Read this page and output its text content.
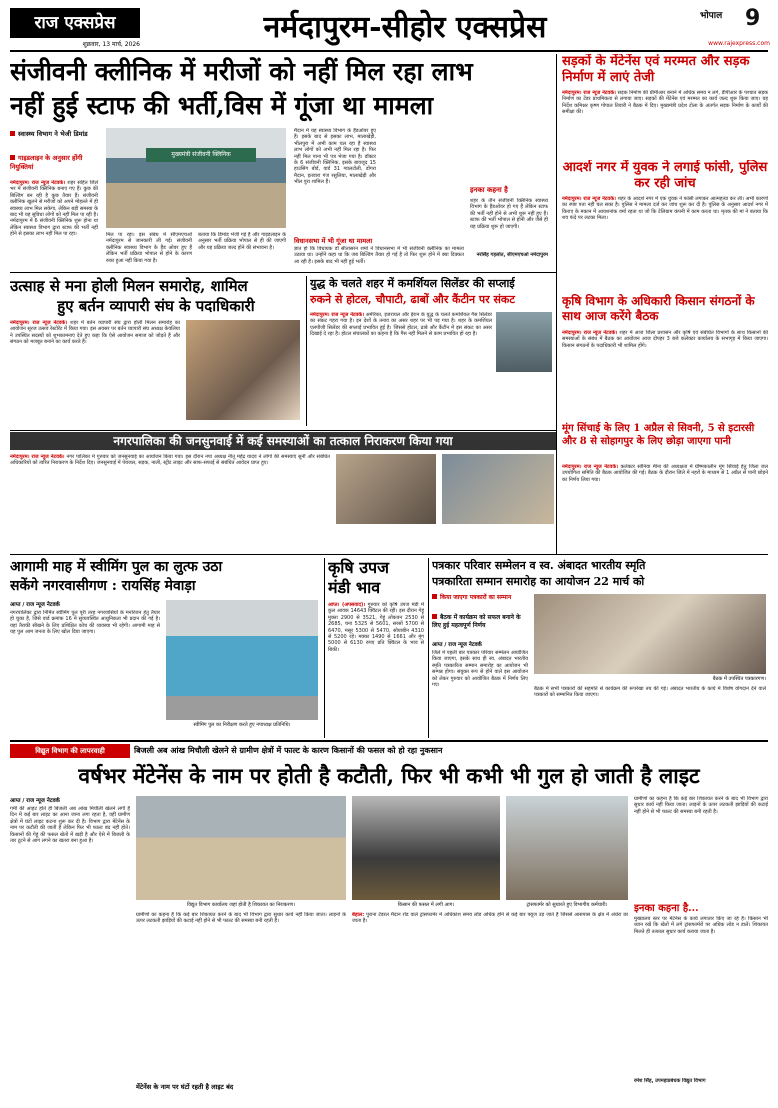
राज एक्सप्रेस
शुक्रवार, 13 मार्च, 2026	नर्मदापुरम-सीहोर एक्सप्रेस	भोपाल	9
www.rajexpress.com
संजीवनी क्लीनिक में मरीजों को नहीं मिल रहा लाभ
नहीं हुई स्टाफ की भर्ती,विस में गूंजा था मामला
स्वास्थ्य विभाग ने भेजी डिमांड
गाइडलाइन के अनुसार होंगी नियुक्तियां
नर्मदापुरम। राज न्यूज नेटवर्क। शहर सहित जिले भर में संजीवनी क्लिनिक बनाए गए हैं। कुछ की बिल्डिंग बन रही है कुछ तैयार हैं। संजीवनी क्लीनिक खुलने से मरीजों को अपने मोहल्ले में ही स्वास्थ्य लाभ मिल सकेगा, लेकिन बड़ी समस्या के बाद भी यह सुविधा लोगों को नहीं मिल पा रही है। नर्मदापुरम में 6 संजीवनी क्लिनिक शुरू होना था लेकिन स्वास्थ्य विभाग द्वारा स्टाफ की भर्ती नहीं होने से इसका लाभ नहीं मिल पा रहा।
मुख्यमंत्री संजीवनी क्लिनिक
मिल पा रहा। इस संबंध में सीएमएचओ नर्मदापुरम से जानकारी ली गई। संजीवनी क्लीनिक स्वास्थ्य विभाग के हैंड ओवर हुए हैं लेकिन भर्ती प्रक्रिया भोपाल से होने के कारण रुका हुआ नहीं किया गया है।
बताया कि डिमांड भेजी गई है और गाइडलाइन के अनुसार भर्ती प्रक्रिया भोपाल से ही की जाएगी और यह प्रक्रिया जल्द होने की संभावना है।
मैदान में यह स्वास्थ्य विभाग के हैंडओवर हुए हैं। इसके बाद से इसका लाभ, मालाखेड़ी, भीलपुरा में अभी काम चल रहा है स्वास्थ्य लाभ लोगों को अभी नहीं मिल रहा है। फिर नहीं मिल पाना भी पत्र भेजा गया है। डॉक्टर के 6 संजीवनी क्लिनिक, इसके बावजूद 15 हाउसिंग बोर्ड, वार्ड 31 ग्वालटोली, डोंगरा मैदान, इतवारा गंज रसुलिया, मालाखेड़ी और भील पुरा शामिल हैं।
विधानसभा में भी गूंजा था मामला
ज्ञात हो कि विधायक डॉ सीतासरन शर्मा ने विधानसभा में भी संजीवनी क्लीनिक का मामला उठाया था। उन्होंने कहा था कि जब बिल्डिंग तैयार हो गई है तो फिर शुरू होने में क्या दिक्कत आ रही है। इसके बाद भी नहीं हुई भर्ती।
इनका कहना है
शहर के तीन संजीवनी क्लिनिक स्वास्थ्य विभाग के हैंडओवर हो गए हैं लेकिन स्टाफ की भर्ती नहीं होने से अभी शुरू नहीं हुए हैं। स्टाफ की भर्ती भोपाल से होनी और जैसे ही यह प्रक्रिया शुरू हो जाएगी।
नरसिंह गहलोत, सीएमएचओ नर्मदापुरम
सड़कों के मेंटेनेंस एवं मरम्मत और सड़क निर्माण में लाएं तेजी
नर्मदापुरम। राज न्यूज नेटवर्क। सड़क निर्माण की प्रीमीआर बनाने में अधिक समय न लगे, डीपीआर के पश्चात सड़क निर्माण का टेंडर प्राथमिकता से लगाया जाए। सड़कों की मेंटेनेंस एवं मरम्मत का कार्य जल्द शुरू किया जाए। यह निर्देश कमिश्नर कृष्ण गोपाल तिवारी ने बैठक में दिए। मुख्यमंत्री प्रदेश टोला के अंतर्गत सड़क निर्माण के कार्यों की समीक्षा की।
आदर्श नगर में युवक ने लगाई फांसी, पुलिस कर रही जांच
नर्मदापुरम। राज न्यूज नेटवर्क। शहर के आदर्श नगर में एक युवक ने फांसी लगाकर आत्महत्या कर ली। अभी कारणों का स्पष्ट पता नहीं चल सका है। पुलिस ने मामला दर्ज कर जांच शुरू कर दी है। पुलिस के अनुसार आदर्श नगर में किराए के मकान में आयशनांक वर्मा रहता था जो कि टेलिग्राम कंपनी में काम करता था। मृतक की मां ने बताया कि शव फंदे पर लटका मिला।
कृषि विभाग के अधिकारी किसान संगठनों के साथ आज करेंगे बैठक
नर्मदापुरम। राज न्यूज नेटवर्क। शहर में आज जिला प्रशासन और कृषि एवं संबंधित विभागों के साथ किसानों की समस्याओं के संबंध में बैठक का आयोजन आज दोपहर 3 बजे कलेक्टर कार्यालय के सभागृह में किया जाएगा। किसान संगठनों के पदाधिकारी भी शामिल होंगे।
मूंग सिंचाई के लिए 1 अप्रैल से सिवनी, 5 से इटारसी और 8 से सोहागपुर के लिए छोड़ा जाएगा पानी
नर्मदापुरम। राज न्यूज नेटवर्क। कलेक्टर सोनिया मीना की अध्यक्षता में ग्रीष्मकालीन मूंग सिंचाई हेतु जिला जल उपयोगिता समिति की बैठक आयोजित की गई। बैठक के दौरान जिले में नहरों के माध्यम से 1 अप्रैल से पानी छोड़ने का निर्णय लिया गया।
उत्साह से मना होली मिलन समारोह, शामिल
हुए बर्तन व्यापारी संघ के पदाधिकारी
नर्मदापुरम। राज न्यूज नेटवर्क। शहर में बर्तन व्यापारी संघ द्वारा होली मिलन समारोह का आयोजन सूरज उत्सव रेस्टोरेंट में किया गया। इस अवसर पर बर्तन व्यापारी संघ अध्यक्ष केवलिया ने उपस्थित सदस्यों को शुभकामनाएं देते हुए कहा कि ऐसे आयोजन समाज को जोड़ते हैं और संगठन को मजबूत बनाने का कार्य करते हैं।
युद्ध के चलते शहर में कमर्शियल सिलेंडर की सप्लाई
रुकने से होटल, चौपाटी, ढाबों और कैंटीन पर संकट
नर्मदापुरम। राज न्यूज नेटवर्क। अमेरिका, इजरायल और ईरान के युद्ध के चलते कमर्शियल गैस सिलेंडर का संकट गहरा गया है। इन देशों के तनाव का असर शहर पर भी पड़ गया है। शहर के कमर्शियल एलपीजी सिलेंडर की सप्लाई प्रभावित हुई है। जिससे होटल, ढाबे और कैंटीन में इस संकट का असर दिखाई दे रहा है। होटल संचालकों का कहना है कि गैस नहीं मिलने से काम प्रभावित हो रहा है।
नगरपालिका की जनसुनवाई में कई समस्याओं का तत्काल निराकरण किया गया
नर्मदापुरम। राज न्यूज नेटवर्क। नगर पालिका में गुरुवार को जनसुनवाई का आयोजन किया गया। इस दौरान नपा अध्यक्ष नीतू महेंद्र यादव ने लोगों की समस्याएं सुनीं और संबंधित अधिकारियों को त्वरित निराकरण के निर्देश दिए। जनसुनवाई में पेयजल, सड़क, नाली, स्ट्रीट लाइट और साफ-सफाई से संबंधित आवेदन प्राप्त हुए।
आगामी माह में स्वीमिंग पुल का लुत्फ उठा
सकेंगे नगरवासीगण : रायसिंह मेवाड़ा
आप्त / राज न्यूज नेटवर्क
नगरपालिका द्वारा निर्मित स्वीमिंग पुल पूरी तरह नगरवासियों के मनोरंजन हेतु तैयार हो चुका है, जिसे वार्ड क्रमांक 16 में सुव्यवस्थित आधुनिकता भी प्रदान की गई है। यहां तैराकी सीखने के लिए प्रशिक्षित कोच की व्यवस्था भी रहेगी। आगामी माह से यह पुल आम जनता के लिए खोल दिया जाएगा।
स्वीमिंग पुल का निरीक्षण करते हुए नपाध्यक्ष प्रतिनिधि।
कृषि उपज
मंडी भाव
आप्त। (अपसवाद)। गुरुवार को कृषि उपज मंडी में कुल आवक 14643 क्विंटल की रही। इस दौरान गेहूं मुक्ता 2900 से 3521, गेहूं लोकवन 2530 से 2685, चना 5325 से 5601, सरसों 5700 से 6470, मसूर 5300 से 5470, सोयाबीन 4310 से 5200 रहे। मक्का 1490 से 1661 और मूंग 5000 से 6130 रुपए प्रति क्विंटल के भाव से बिकी।
पत्रकार परिवार सम्मेलन व स्व. अंबादत भारतीय स्मृति
पत्रकारिता सम्मान समारोह का आयोजन 22 मार्च को
किया जाएगा पत्रकारों का सम्मान
बैठक में कार्यक्रम को सफल बनाने के लिए हुई महत्वपूर्ण निर्णय
आप्त / राज न्यूज नेटवर्क
जिले में पहली बार पत्रकार परिवार सम्मेलन आयोजित किया जाएगा, इसके साथ ही स्व. अंबादत भारतीय स्मृति पत्रकारिता सम्मान समारोह का आयोजन भी सम्पन्न होगा। संयुक्त रूप से होने वाले इस आयोजन को लेकर गुरुवार को आयोजित बैठक में निर्णय लिए गए।
बैठक में उपस्थित पत्रकारगण।
बैठक में सभी पत्रकारों की सहमति से कार्यक्रम की रूपरेखा तय की गई। अंबादत भारतीय के कार्य में विशेष योगदान देने वाले पत्रकारों को सम्मानित किया जाएगा।
विद्युत विभाग की लापरवाही	बिजली अब आंख मिचौली खेलने से ग्रामीण क्षेत्रों में फाल्ट के कारण किसानों की फसल को हो रहा नुकसान
वर्षभर मेंटेनेंस के नाम पर होती है कटौती, फिर भी कभी भी गुल हो जाती है लाइट
आप्त / राज न्यूज नेटवर्क
गर्मी की आहट होते ही बिजली अब आंख मिचौली खेलने लगी है दिन में कई बार लाइट का आना जाना लगा रहता है, वहीं ग्रामीण क्षेत्रों में घंटों लाइट कटना शुरू कर दी है। विभाग द्वारा मेंटेनेंस के नाम पर कटौती की जाती है लेकिन फिर भी फाल्ट बंद नहीं होते। किसानों की गेहूं की फसल खेतों में खड़ी है और ऐसे में बिजली के तार टूटने से आग लगने का खतरा बना हुआ है।
विद्युत विभाग कार्यालय जहां होती है शिकायत का निराकरण।
ग्रामीणों का कहना है कि कई बार शिकायत करने के बाद भी विभाग द्वारा सुधार कार्य नहीं किया जाता। लाइनों के ऊपर लटकती झाड़ियों की कटाई नहीं होने से भी फाल्ट की समस्या बनी रहती है।
मेंटेनेंस के नाम पर घंटों रहती है लाइट बंद
किसान की फसल में लगी आग।	ट्रांसफार्मर को सुधारते हुए विभागीय कर्मचारी।
बेहाल: पुराना टेंडरल मैदान रोड वाले ट्रांसफार्मर में अधिकांश समय लोड अधिक होने से कई बार फ्यूज उड़ जाते हैं जिससे आसपास के क्षेत्र में अंधेरा छा जाता है।
ग्रामीणों का कहना है कि कई बार शिकायत करने के बाद भी विभाग द्वारा सुधार कार्य नहीं किया जाता। लाइनों के ऊपर लटकती झाड़ियों की कटाई नहीं होने से भी फाल्ट की समस्या बनी रहती है।
इनका कहना है...
मुख्यालय स्तर पर मेंटेनेंस के कार्य लगातार किए जा रहे हैं। किसान भी ध्यान रखें कि खेतों में लगे ट्रांसफार्मरों पर अधिक लोड न डालें। शिकायत मिलते ही तत्काल सुधार कार्य कराया जाता है।
रमेश सिंह, उपमहाप्रबंधक विद्युत विभाग
